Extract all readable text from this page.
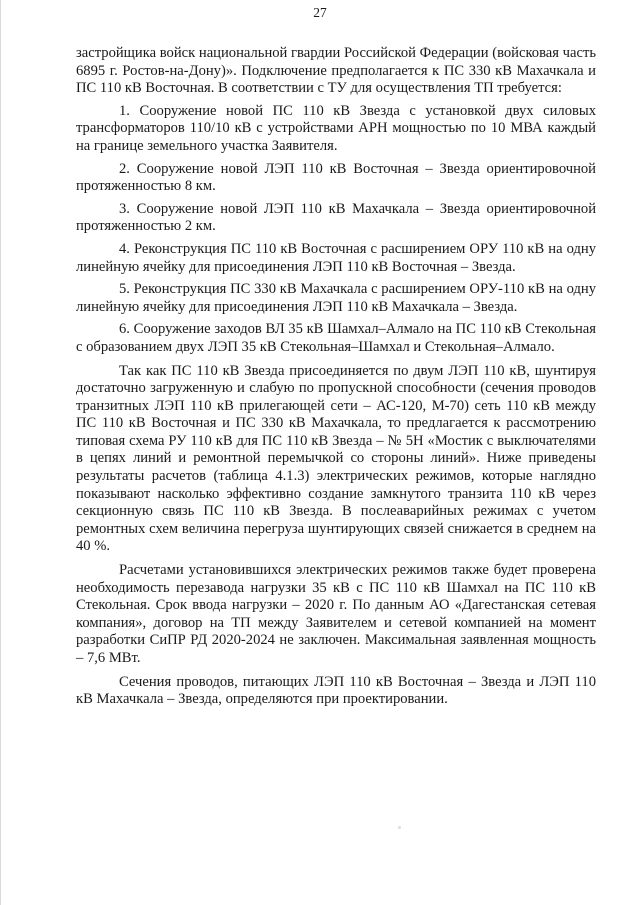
27

застройщика войск национальной гвардии Российской Федерации (войсковая часть 6895 г. Ростов-на-Дону)». Подключение предполагается к ПС 330 кВ Махачкала и ПС 110 кВ Восточная. В соответствии с ТУ для осуществления ТП требуется:

1. Сооружение новой ПС 110 кВ Звезда с установкой двух силовых трансформаторов 110/10 кВ с устройствами АРН мощностью по 10 МВА каждый на границе земельного участка Заявителя.

2. Сооружение новой ЛЭП 110 кВ Восточная – Звезда ориентировочной протяженностью 8 км.

3. Сооружение новой ЛЭП 110 кВ Махачкала – Звезда ориентировочной протяженностью 2 км.

4. Реконструкция ПС 110 кВ Восточная с расширением ОРУ 110 кВ на одну линейную ячейку для присоединения ЛЭП 110 кВ Восточная – Звезда.

5. Реконструкция ПС 330 кВ Махачкала с расширением ОРУ-110 кВ на одну линейную ячейку для присоединения ЛЭП 110 кВ Махачкала – Звезда.

6. Сооружение заходов ВЛ 35 кВ Шамхал–Алмало на ПС 110 кВ Стекольная с образованием двух ЛЭП 35 кВ Стекольная–Шамхал и Стекольная–Алмало.

Так как ПС 110 кВ Звезда присоединяется по двум ЛЭП 110 кВ, шунтируя достаточно загруженную и слабую по пропускной способности (сечения проводов транзитных ЛЭП 110 кВ прилегающей сети – АС-120, М-70) сеть 110 кВ между ПС 110 кВ Восточная и ПС 330 кВ Махачкала, то предлагается к рассмотрению типовая схема РУ 110 кВ для ПС 110 кВ Звезда – № 5Н «Мостик с выключателями в цепях линий и ремонтной перемычкой со стороны линий». Ниже приведены результаты расчетов (таблица 4.1.3) электрических режимов, которые наглядно показывают насколько эффективно создание замкнутого транзита 110 кВ через секционную связь ПС 110 кВ Звезда. В послеаварийных режимах с учетом ремонтных схем величина перегруза шунтирующих связей снижается в среднем на 40 %.

Расчетами установившихся электрических режимов также будет проверена необходимость перезавода нагрузки 35 кВ с ПС 110 кВ Шамхал на ПС 110 кВ Стекольная. Срок ввода нагрузки – 2020 г. По данным АО «Дагестанская сетевая компания», договор на ТП между Заявителем и сетевой компанией на момент разработки СиПР РД 2020-2024 не заключен. Максимальная заявленная мощность – 7,6 МВт.

Сечения проводов, питающих ЛЭП 110 кВ Восточная – Звезда и ЛЭП 110 кВ Махачкала – Звезда, определяются при проектировании.
